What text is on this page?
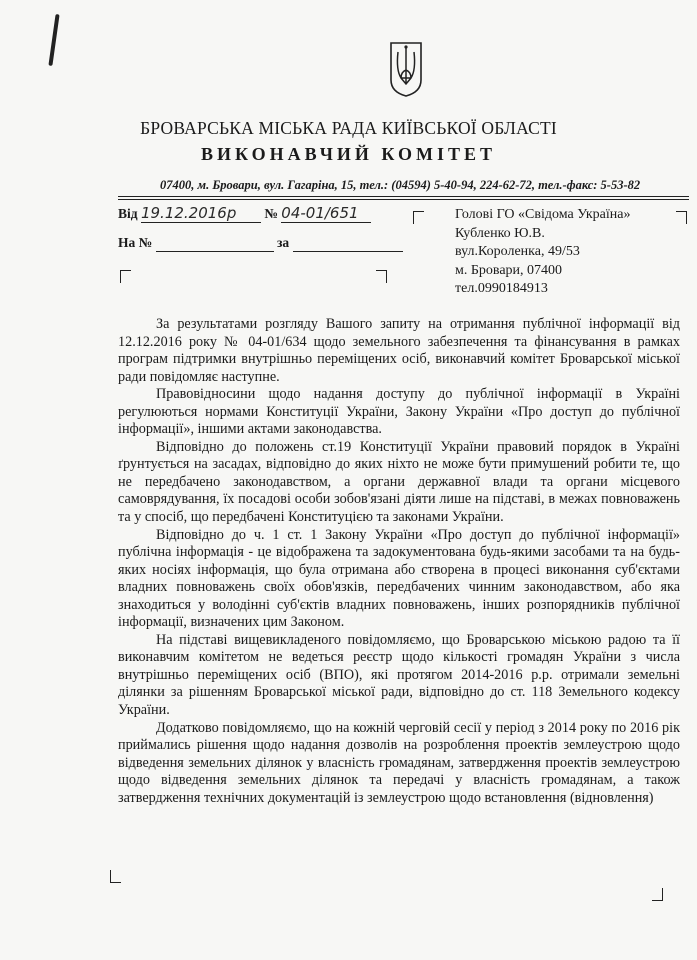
БРОВАРСЬКА МІСЬКА РАДА КИЇВСЬКОЇ ОБЛАСТІ
ВИКОНАВЧИЙ КОМІТЕТ
07400, м. Бровари, вул. Гагаріна, 15, тел.: (04594) 5-40-94, 224-62-72, тел.-факс: 5-53-82
Від 19.12.2016р № 04-01/651
На №	за
Голові ГО «Свідома Україна»
Кубленко Ю.В.
вул.Короленка, 49/53
м. Бровари, 07400
тел.0990184913

За результатами розгляду Вашого запиту на отримання публічної інформації від 12.12.2016 року № 04-01/634 щодо земельного забезпечення та фінансування в рамках програм підтримки внутрішньо переміщених осіб, виконавчий комітет Броварської міської ради повідомляє наступне.

Правовідносини щодо надання доступу до публічної інформації в Україні регулюються нормами Конституції України, Закону України «Про доступ до публічної інформації», іншими актами законодавства.

Відповідно до положень ст.19 Конституції України правовий порядок в Україні ґрунтується на засадах, відповідно до яких ніхто не може бути примушений робити те, що не передбачено законодавством, а органи державної влади та органи місцевого самоврядування, їх посадові особи зобов'язані діяти лише на підставі, в межах повноважень та у спосіб, що передбачені Конституцією та законами України.

Відповідно до ч. 1 ст. 1 Закону України «Про доступ до публічної інформації» публічна інформація - це відображена та задокументована будь-якими засобами та на будь-яких носіях інформація, що була отримана або створена в процесі виконання суб'єктами владних повноважень своїх обов'язків, передбачених чинним законодавством, або яка знаходиться у володінні суб'єктів владних повноважень, інших розпорядників публічної інформації, визначених цим Законом.

На підставі вищевикладеного повідомляємо, що Броварською міською радою та її виконавчим комітетом не ведеться реєстр щодо кількості громадян України з числа внутрішньо переміщених осіб (ВПО), які протягом 2014-2016 р.р. отримали земельні ділянки за рішенням Броварської міської ради, відповідно до ст. 118 Земельного кодексу України.

Додатково повідомляємо, що на кожній черговій сесії у період з 2014 року по 2016 рік приймались рішення щодо надання дозволів на розроблення проектів землеустрою щодо відведення земельних ділянок у власність громадянам, затвердження проектів землеустрою щодо відведення земельних ділянок та передачі у власність громадянам, а також затвердження технічних документацій із землеустрою щодо встановлення (відновлення)
